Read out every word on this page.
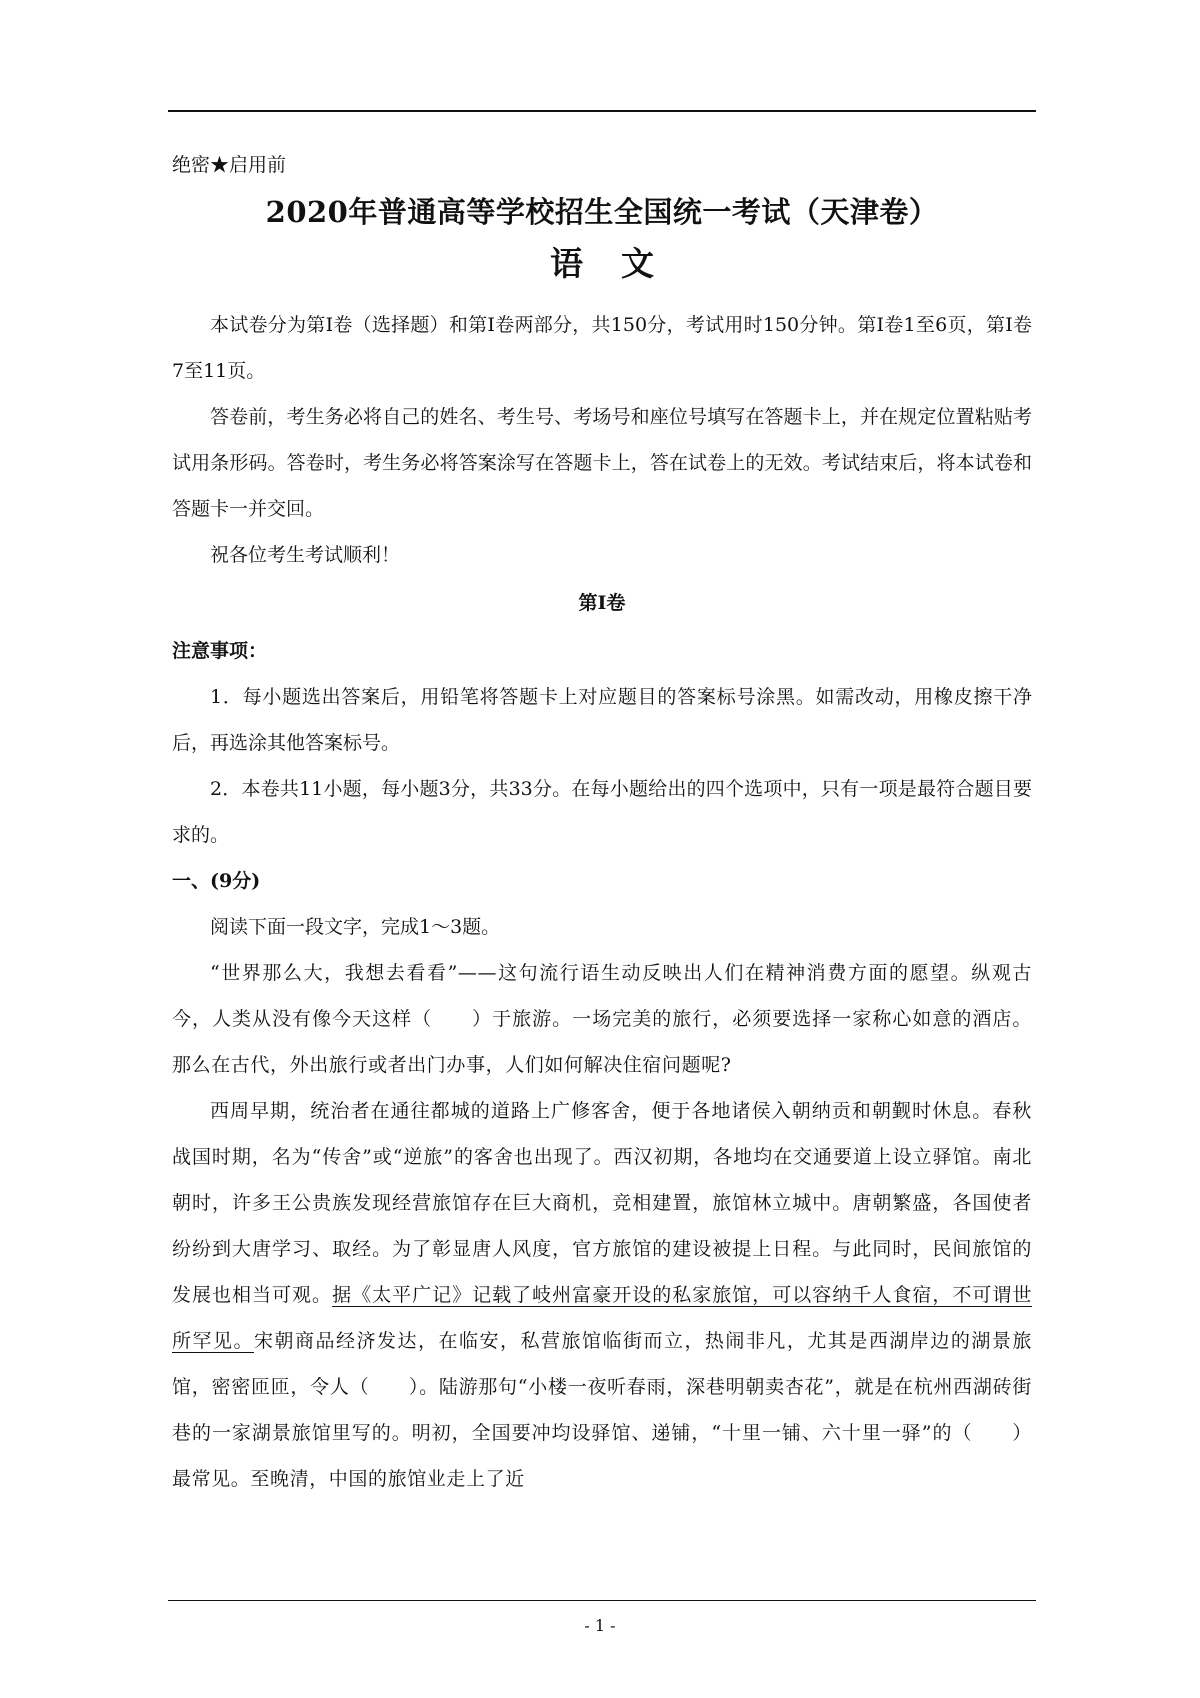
绝密★启用前
2020年普通高等学校招生全国统一考试（天津卷）
语文

本试卷分为第I卷（选择题）和第I卷两部分，共150分，考试用时150分钟。第I卷1至6页，第I卷7至11页。

答卷前，考生务必将自己的姓名、考生号、考场号和座位号填写在答题卡上，并在规定位置粘贴考试用条形码。答卷时，考生务必将答案涂写在答题卡上，答在试卷上的无效。考试结束后，将本试卷和答题卡一并交回。

祝各位考生考试顺利！

第I卷
注意事项：

1．每小题选出答案后，用铅笔将答题卡上对应题目的答案标号涂黑。如需改动，用橡皮擦干净后，再选涂其他答案标号。

2．本卷共11小题，每小题3分，共33分。在每小题给出的四个选项中，只有一项是最符合题目要求的。

一、(9分)

阅读下面一段文字，完成1～3题。

“世界那么大，我想去看看”——这句流行语生动反映出人们在精神消费方面的愿望。纵观古今，人类从没有像今天这样（　　）于旅游。一场完美的旅行，必须要选择一家称心如意的酒店。那么在古代，外出旅行或者出门办事，人们如何解决住宿问题呢?

西周早期，统治者在通往都城的道路上广修客舍，便于各地诸侯入朝纳贡和朝觐时休息。春秋战国时期，名为“传舍”或“逆旅”的客舍也出现了。西汉初期，各地均在交通要道上设立驿馆。南北朝时，许多王公贵族发现经营旅馆存在巨大商机，竞相建置，旅馆林立城中。唐朝繁盛，各国使者纷纷到大唐学习、取经。为了彰显唐人风度，官方旅馆的建设被提上日程。与此同时，民间旅馆的发展也相当可观。据《太平广记》记载了岐州富豪开设的私家旅馆，可以容纳千人食宿，不可谓世所罕见。宋朝商品经济发达，在临安，私营旅馆临街而立，热闹非凡，尤其是西湖岸边的湖景旅馆，密密匝匝，令人（　　）。陆游那句“小楼一夜听春雨，深巷明朝卖杏花”，就是在杭州西湖砖街巷的一家湖景旅馆里写的。明初，全国要冲均设驿馆、递铺，“十里一铺、六十里一驿”的（　　）最常见。至晚清，中国的旅馆业走上了近

- 1 -
